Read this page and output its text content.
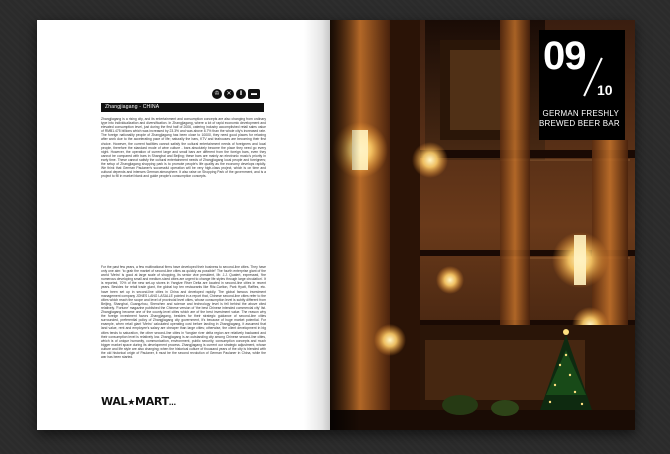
♔	✕	Ⅱ	▬
Zhangjiagang - CHINA

Zhangjiagang is a rising city, and its entertainment and consumption concepts are also changing from ordinary type into individualization and diversification. In Zhangjiagang, where a lot of rapid economic development and elevated consumption level, just during the first half of 2006, catering industry accomplished retail sales value of RMB1.475 billions which was increased by 23.3% and was above 8.7% than the whole city's increased rate. The foreign nationality people of Zhangjiagang has been close to 10000, they need good places for relaxing after work due to the accelerating pace of life; naturally the bars, KTV and teahouses are becoming their first choice. However, the current facilities cannot satisfy the cultural entertainment needs of foreigners and local people, therefore the standard mode of wine culture - bars absolutely become the place they need go every night. However, the operation of current large and small bars are different from the foreign bars, even they cannot be compared with bars in Shanghai and Beijing; these bars are mainly an electronic music's priority in early time. These cannot satisfy the cultural entertainment needs of Zhangjiagang local people and foreigners; the setup of Zhangjiagang shopping park is to promote people's life quality as the economy develops rapidly. We think that German Paulaner's successful operation will be very high-class project, which is on time and cultural depends and intenses German atmosphere. It also raise on Shopping Park of the government, and is a project to fill in market blank and guide people's consumption concepts.

For the past few years, a few multinational firms have developed their business to second-line cities. They have only one aim: 'to grab the market of second-line cities as quickly as possible!' The fourth enterprise giant of the world 'Metro' is good at large scale of shopping, its senior vice president, Mr. J.J. Quatert, expressed, 'the numerous developing small and medium-sized cities are urgent to change life styles through large circulation'. It is reported, 70% of the new set-up stores in Yangtze River Delta are located in second-line cities in recent years. Besides for retail trade giant, the global top ten restaurants like Ritz-Carlton, Park Hyatt, Raffles, etc. have been set up in second-line cities in China and developed rapidly. The global famous investment management company JONES LANG LASALLE pointed in a report that, Chinese second-line cities refer to the cities which reach the scope and level of provincial level cities, whose consumption level is subtly different from Beijing, Shanghai, Guangzhou, Shenzhen and science and technology level is fell behind the above cited relatively. 'Fortune' magazine published the Chinese version of 'the best Chinese intended commercial city' list. Zhangjiagang became one of the county-level cities which are of the best investment value. The reason why the foreign investment favors Zhangjiagang, besides for their strategic guidance of second-line cities surrounded, preferential policy of Zhangjiagang city government, it's because of huge market potential. For example, when retail giant 'Metro' calculated operating cost before landing in Zhangjiagang, it assumed that land value, rent and employee's salary are cheaper than large cities; otherwise, the client development in big cities tends to saturation, the other second-line cities in Yangtze river delta region are relatively backward and their consumption level is relatively low. Zhangjiagang is an outstanding city among Chinese second-line cities, which is of unique humanity, communication, environment, public security, consumption concepts and much bigger market space during its development process. Zhangjiagang is current our strategic adjustment, whose culture and life style are also changing; when the historical culture of thousand years of the city is blended with the old historical origin of Paulaner, it must be the second revolution of German Paulaner in China, while the war has been started.

WAL★MART...
09
10
GERMAN FRESHLY
BREWED BEER BAR
